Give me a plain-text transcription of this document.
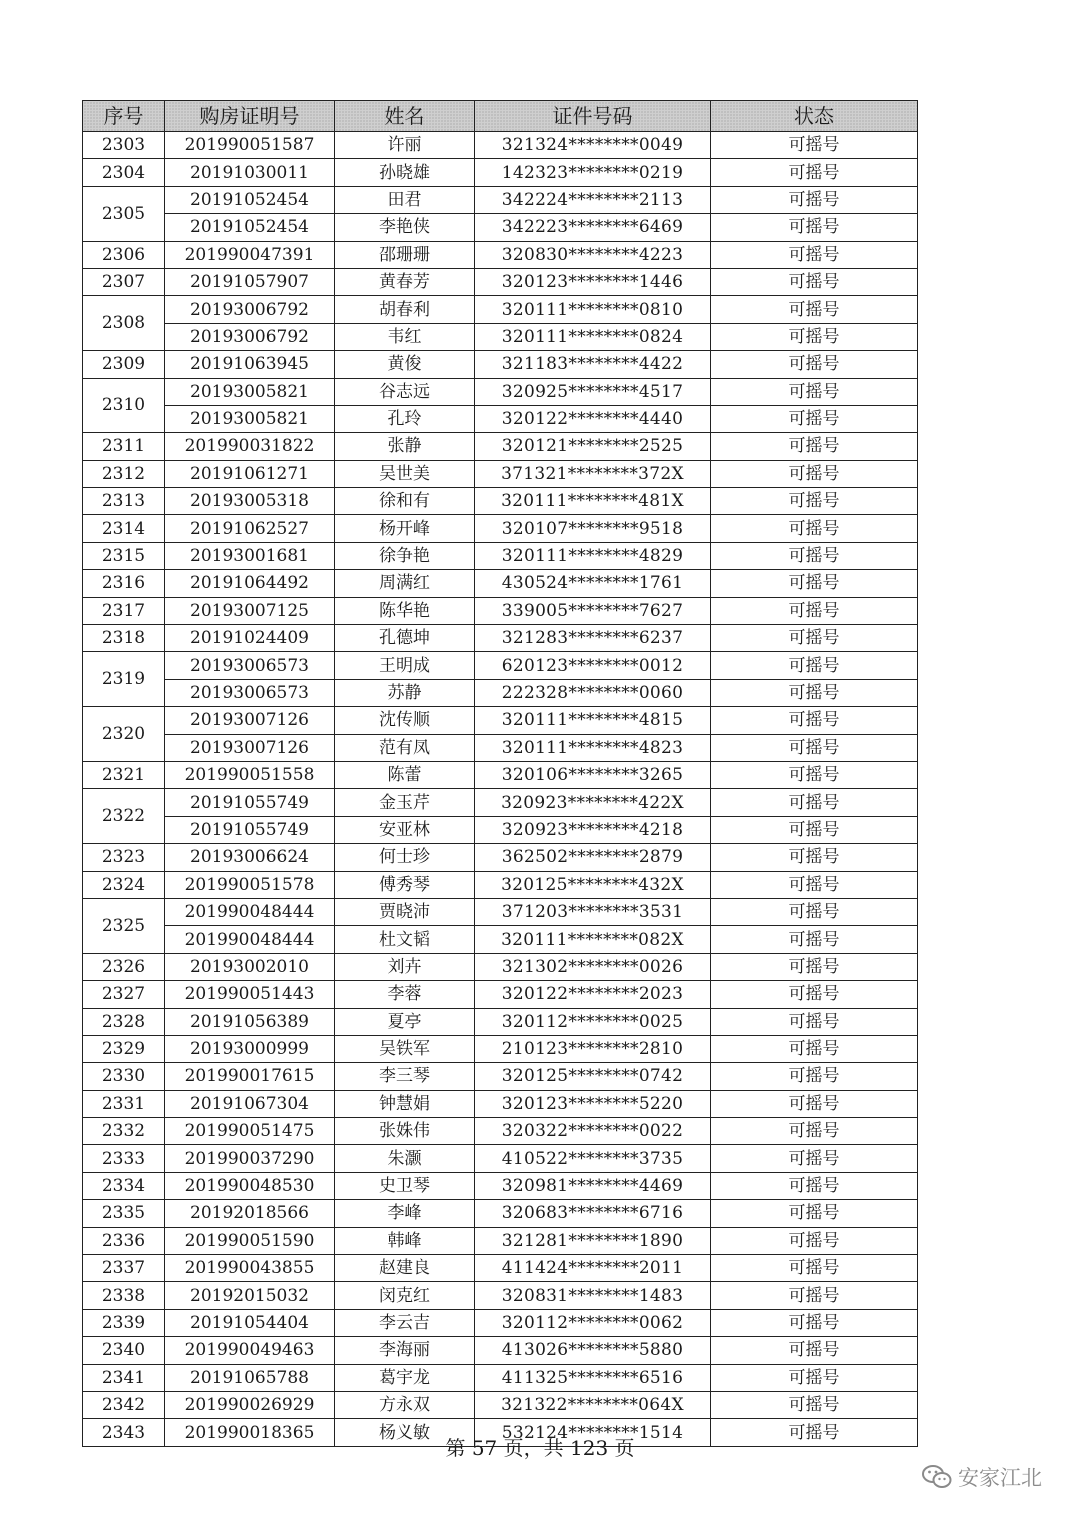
序号	购房证明号	姓名	证件号码	状态
2303	201990051587	许丽	321324********0049	可摇号
2304	20191030011	孙晓雄	142323********0219	可摇号
2305	20191052454	田君	342224********2113	可摇号
	20191052454	李艳侠	342223********6469	可摇号
2306	201990047391	邵珊珊	320830********4223	可摇号
2307	20191057907	黄春芳	320123********1446	可摇号
2308	20193006792	胡春利	320111********0810	可摇号
	20193006792	韦红	320111********0824	可摇号
2309	20191063945	黄俊	321183********4422	可摇号
2310	20193005821	谷志远	320925********4517	可摇号
	20193005821	孔玲	320122********4440	可摇号
2311	201990031822	张静	320121********2525	可摇号
2312	20191061271	吴世美	371321********372X	可摇号
2313	20193005318	徐和有	320111********481X	可摇号
2314	20191062527	杨开峰	320107********9518	可摇号
2315	20193001681	徐争艳	320111********4829	可摇号
2316	20191064492	周满红	430524********1761	可摇号
2317	20193007125	陈华艳	339005********7627	可摇号
2318	20191024409	孔德坤	321283********6237	可摇号
2319	20193006573	王明成	620123********0012	可摇号
	20193006573	苏静	222328********0060	可摇号
2320	20193007126	沈传顺	320111********4815	可摇号
	20193007126	范有凤	320111********4823	可摇号
2321	201990051558	陈蕾	320106********3265	可摇号
2322	20191055749	金玉芹	320923********422X	可摇号
	20191055749	安亚林	320923********4218	可摇号
2323	20193006624	何士珍	362502********2879	可摇号
2324	201990051578	傅秀琴	320125********432X	可摇号
2325	201990048444	贾晓沛	371203********3531	可摇号
	201990048444	杜文韬	320111********082X	可摇号
2326	20193002010	刘卉	321302********0026	可摇号
2327	201990051443	李蓉	320122********2023	可摇号
2328	20191056389	夏亭	320112********0025	可摇号
2329	20193000999	吴铁军	210123********2810	可摇号
2330	201990017615	李三琴	320125********0742	可摇号
2331	20191067304	钟慧娟	320123********5220	可摇号
2332	201990051475	张姝伟	320322********0022	可摇号
2333	201990037290	朱灏	410522********3735	可摇号
2334	201990048530	史卫琴	320981********4469	可摇号
2335	20192018566	李峰	320683********6716	可摇号
2336	201990051590	韩峰	321281********1890	可摇号
2337	201990043855	赵建良	411424********2011	可摇号
2338	20192015032	闵克红	320831********1483	可摇号
2339	20191054404	李云吉	320112********0062	可摇号
2340	201990049463	李海丽	413026********5880	可摇号
2341	20191065788	葛宇龙	411325********6516	可摇号
2342	201990026929	方永双	321322********064X	可摇号
2343	201990018365	杨义敏	532124********1514	可摇号
第 57 页，共 123 页
安家江北
